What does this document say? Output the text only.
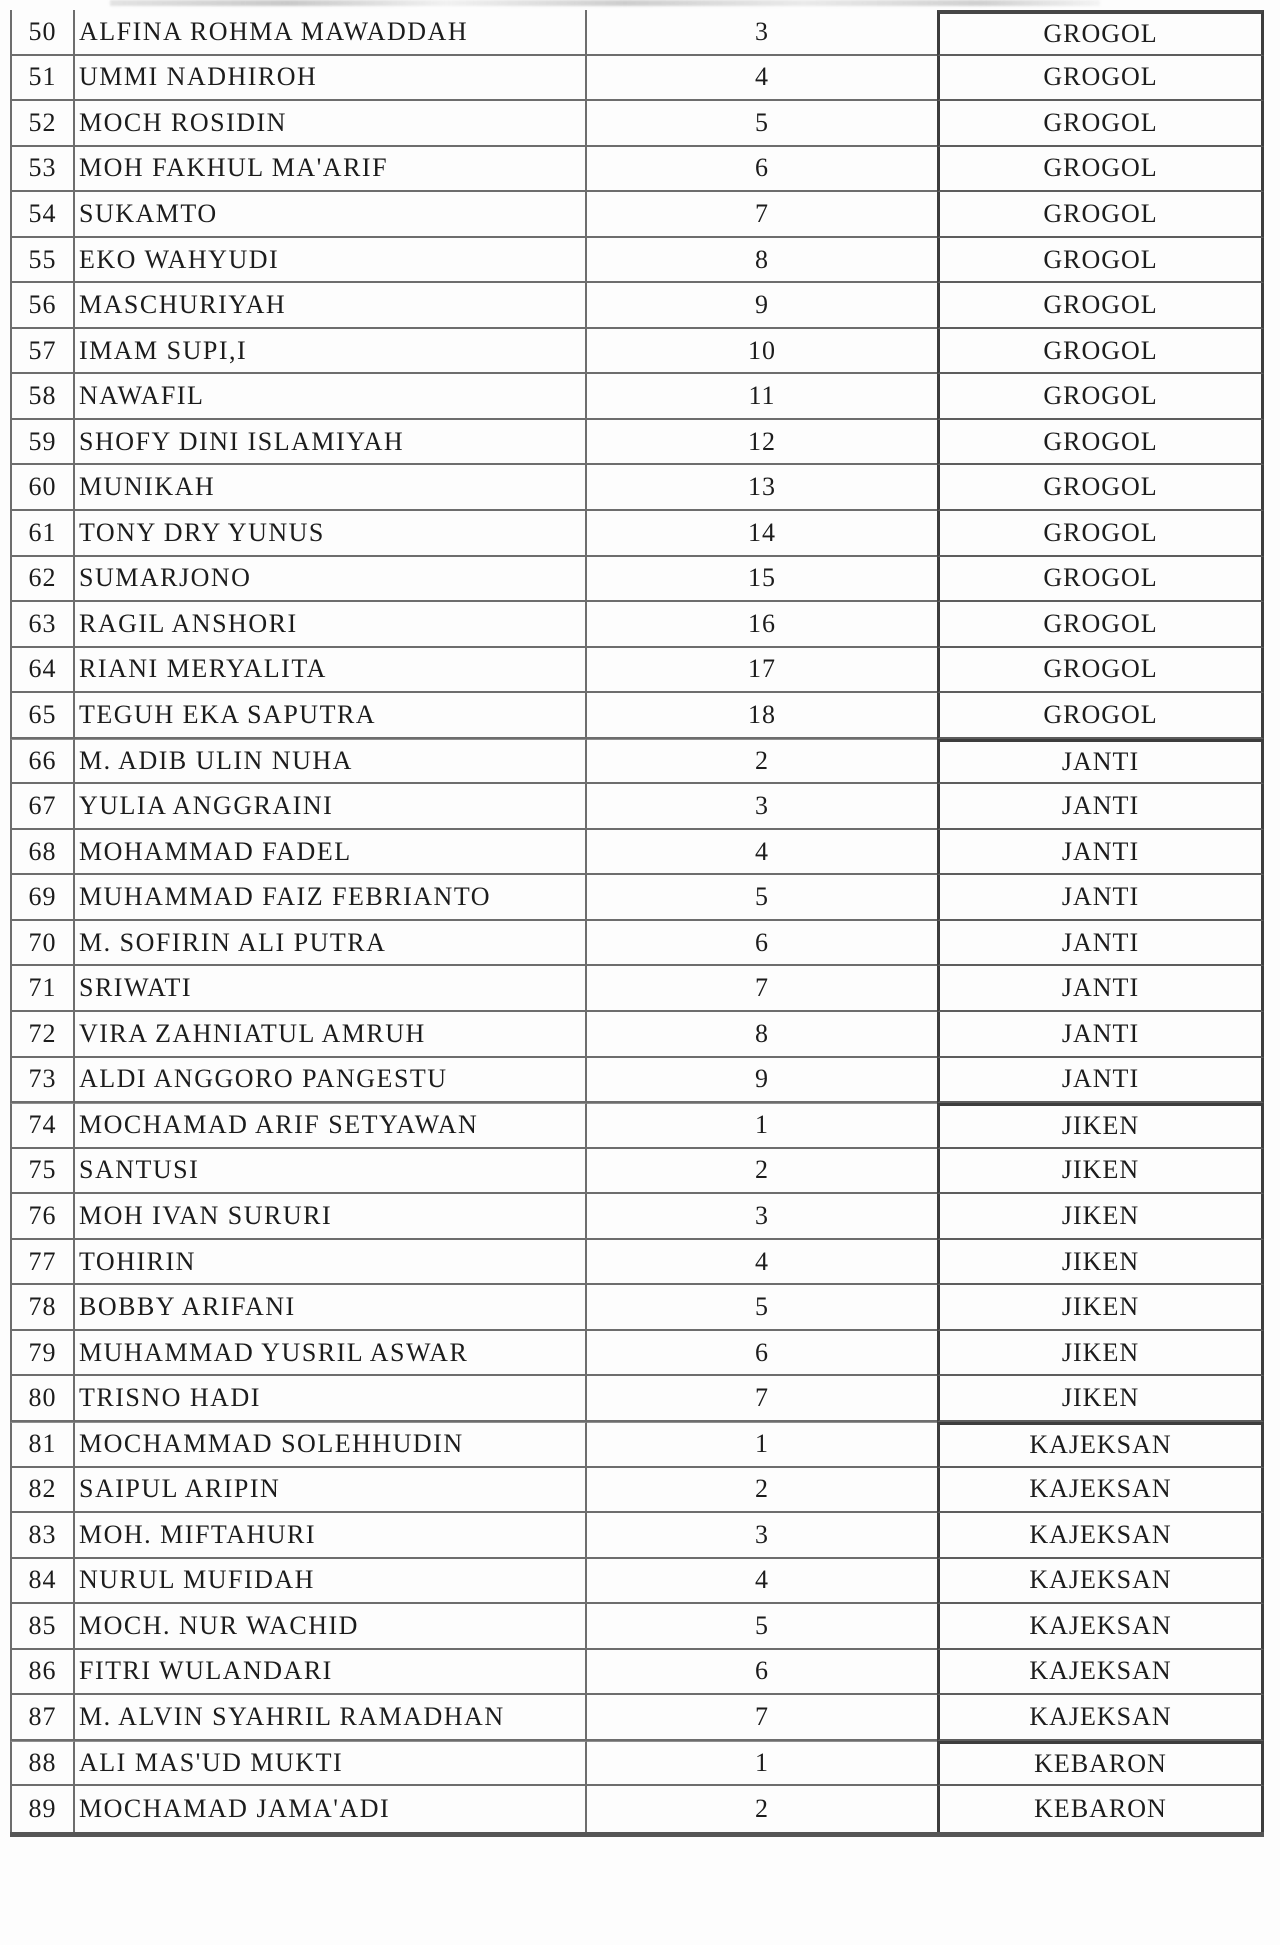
50 ALFINA ROHMA MAWADDAH	3	GROGOL
51 UMMI NADHIROH	4	GROGOL
52 MOCH ROSIDIN	5	GROGOL
53 MOH FAKHUL MA'ARIF	6	GROGOL
54 SUKAMTO	7	GROGOL
55 EKO WAHYUDI	8	GROGOL
56 MASCHURIYAH	9	GROGOL
57 IMAM SUPI,I	10	GROGOL
58 NAWAFIL	11	GROGOL
59 SHOFY DINI ISLAMIYAH	12	GROGOL
60 MUNIKAH	13	GROGOL
61 TONY DRY YUNUS	14	GROGOL
62 SUMARJONO	15	GROGOL
63 RAGIL ANSHORI	16	GROGOL
64 RIANI MERYALITA	17	GROGOL
65 TEGUH EKA SAPUTRA	18	GROGOL
66 M. ADIB ULIN NUHA	2	JANTI
67 YULIA ANGGRAINI	3	JANTI
68 MOHAMMAD FADEL	4	JANTI
69 MUHAMMAD FAIZ FEBRIANTO	5	JANTI
70 M. SOFIRIN ALI PUTRA	6	JANTI
71 SRIWATI	7	JANTI
72 VIRA ZAHNIATUL AMRUH	8	JANTI
73 ALDI ANGGORO PANGESTU	9	JANTI
74 MOCHAMAD ARIF SETYAWAN	1	JIKEN
75 SANTUSI	2	JIKEN
76 MOH IVAN SURURI	3	JIKEN
77 TOHIRIN	4	JIKEN
78 BOBBY ARIFANI	5	JIKEN
79 MUHAMMAD YUSRIL ASWAR	6	JIKEN
80 TRISNO HADI	7	JIKEN
81 MOCHAMMAD SOLEHHUDIN	1	KAJEKSAN
82 SAIPUL ARIPIN	2	KAJEKSAN
83 MOH. MIFTAHURI	3	KAJEKSAN
84 NURUL MUFIDAH	4	KAJEKSAN
85 MOCH. NUR WACHID	5	KAJEKSAN
86 FITRI WULANDARI	6	KAJEKSAN
87 M. ALVIN SYAHRIL RAMADHAN	7	KAJEKSAN
88 ALI MAS'UD MUKTI	1	KEBARON
89 MOCHAMAD JAMA'ADI	2	KEBARON
